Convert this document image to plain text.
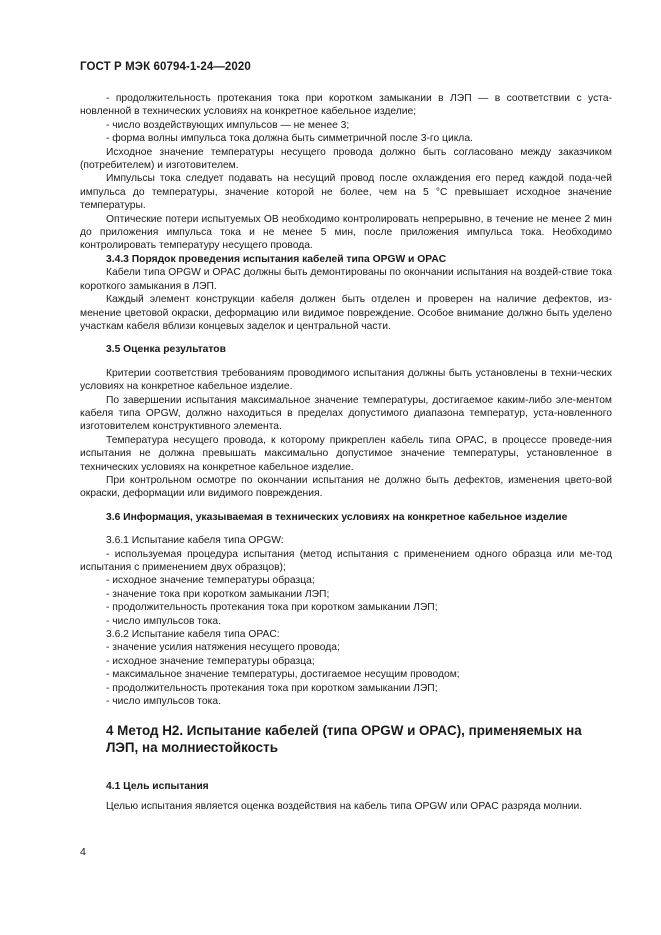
ГОСТ Р МЭК 60794-1-24—2020

- продолжительность протекания тока при коротком замыкании в ЛЭП — в соответствии с уста-новленной в технических условиях на конкретное кабельное изделие;

- число воздействующих импульсов — не менее 3;

- форма волны импульса тока должна быть симметричной после 3-го цикла.

Исходное значение температуры несущего провода должно быть согласовано между заказчиком (потребителем) и изготовителем.

Импульсы тока следует подавать на несущий провод после охлаждения его перед каждой пода-чей импульса до температуры, значение которой не более, чем на 5 °С превышает исходное значение температуры.

Оптические потери испытуемых ОВ необходимо контролировать непрерывно, в течение не менее 2 мин до приложения импульса тока и не менее 5 мин, после приложения импульса тока. Необходимо контролировать температуру несущего провода.

3.4.3 Порядок проведения испытания кабелей типа OPGW и OPAC

Кабели типа OPGW и OPAC должны быть демонтированы по окончании испытания на воздей-ствие тока короткого замыкания в ЛЭП.

Каждый элемент конструкции кабеля должен быть отделен и проверен на наличие дефектов, из-менение цветовой окраски, деформацию или видимое повреждение. Особое внимание должно быть уделено участкам кабеля вблизи концевых заделок и центральной части.

3.5 Оценка результатов

Критерии соответствия требованиям проводимого испытания должны быть установлены в техни-ческих условиях на конкретное кабельное изделие.

По завершении испытания максимальное значение температуры, достигаемое каким-либо эле-ментом кабеля типа OPGW, должно находиться в пределах допустимого диапазона температур, уста-новленного изготовителем конструктивного элемента.

Температура несущего провода, к которому прикреплен кабель типа OPAC, в процессе проведе-ния испытания не должна превышать максимально допустимое значение температуры, установленное в технических условиях на конкретное кабельное изделие.

При контрольном осмотре по окончании испытания не должно быть дефектов, изменения цвето-вой окраски, деформации или видимого повреждения.

3.6 Информация, указываемая в технических условиях на конкретное кабельное изделие

3.6.1 Испытание кабеля типа OPGW:

- используемая процедура испытания (метод испытания с применением одного образца или ме-тод испытания с применением двух образцов);

- исходное значение температуры образца;

- значение тока при коротком замыкании ЛЭП;

- продолжительность протекания тока при коротком замыкании ЛЭП;

- число импульсов тока.

3.6.2 Испытание кабеля типа OPAC:

- значение усилия натяжения несущего провода;

- исходное значение температуры образца;

- максимальное значение температуры, достигаемое несущим проводом;

- продолжительность протекания тока при коротком замыкании ЛЭП;

- число импульсов тока.

4 Метод Н2. Испытание кабелей (типа OPGW и OPAC), применяемых на
ЛЭП, на молниестойкость

4.1 Цель испытания

Целью испытания является оценка воздействия на кабель типа OPGW или OPAC разряда молнии.

4
